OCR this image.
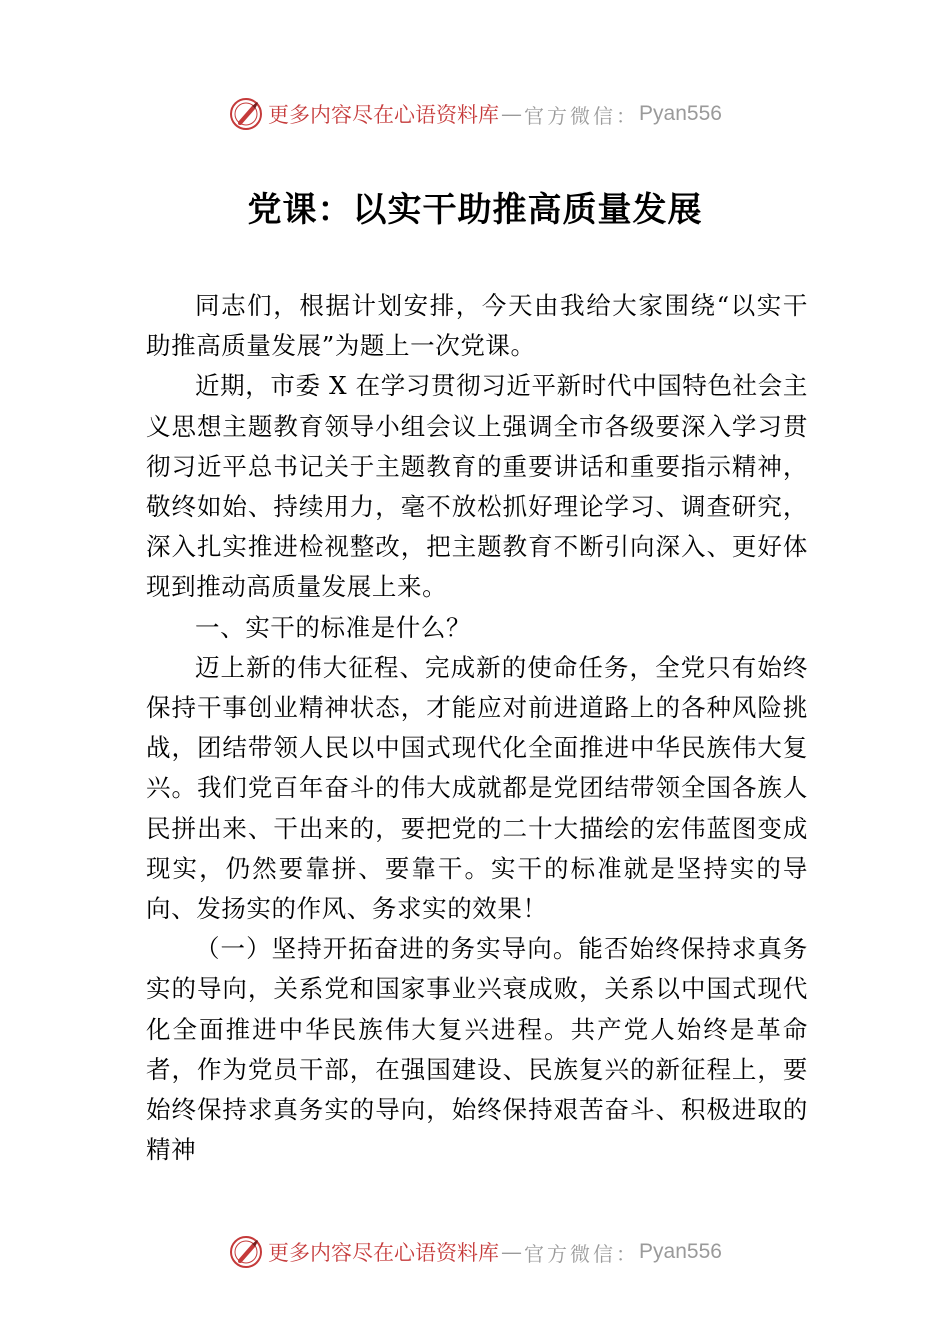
更多内容尽在心语资料库 — 官方微信： Pyan556
党课：以实干助推高质量发展

同志们，根据计划安排，今天由我给大家围绕“以实干助推高质量发展”为题上一次党课。

近期，市委 X 在学习贯彻习近平新时代中国特色社会主义思想主题教育领导小组会议上强调全市各级要深入学习贯彻习近平总书记关于主题教育的重要讲话和重要指示精神，敬终如始、持续用力，毫不放松抓好理论学习、调查研究，深入扎实推进检视整改，把主题教育不断引向深入、更好体现到推动高质量发展上来。

一、实干的标准是什么？

迈上新的伟大征程、完成新的使命任务，全党只有始终保持干事创业精神状态，才能应对前进道路上的各种风险挑战，团结带领人民以中国式现代化全面推进中华民族伟大复兴。我们党百年奋斗的伟大成就都是党团结带领全国各族人民拼出来、干出来的，要把党的二十大描绘的宏伟蓝图变成现实，仍然要靠拼、要靠干。实干的标准就是坚持实的导向、发扬实的作风、务求实的效果！

（一）坚持开拓奋进的务实导向。能否始终保持求真务实的导向，关系党和国家事业兴衰成败，关系以中国式现代化全面推进中华民族伟大复兴进程。共产党人始终是革命者，作为党员干部，在强国建设、民族复兴的新征程上，要始终保持求真务实的导向，始终保持艰苦奋斗、积极进取的精神

更多内容尽在心语资料库 — 官方微信： Pyan556
